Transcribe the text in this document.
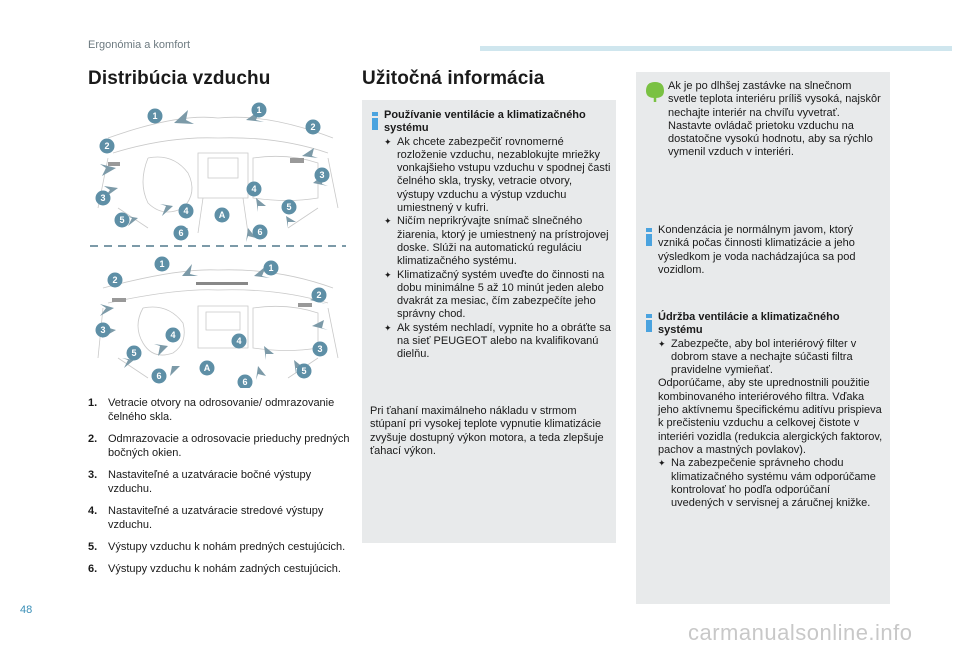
Ergonómia a komfort
Distribúcia vzduchu
1
1
2
2
3
3
4
4
5
5
6	6
A
1	1
2
2
3
3
4
4
5
5
6
6
A
1. Vetracie otvory na odrosovanie/ odmrazovanie čelného skla.
2. Odmrazovacie a odrosovacie prieduchy predných bočných okien.
3. Nastaviteľné a uzatváracie bočné výstupy vzduchu.
4. Nastaviteľné a uzatváracie stredové výstupy vzduchu.
5. Výstupy vzduchu k nohám predných cestujúcich.
6. Výstupy vzduchu k nohám zadných cestujúcich.
Užitočná informácia
Používanie ventilácie a klimatizačného systému
✦ Ak chcete zabezpečiť rovnomerné rozloženie vzduchu, nezablokujte mriežky vonkajšieho vstupu vzduchu v spodnej časti čelného skla, trysky, vetracie otvory, výstupy vzduchu a výstup vzduchu umiestnený v kufri.
✦ Ničím neprikrývajte snímač slnečného žiarenia, ktorý je umiestnený na prístrojovej doske. Slúži na automatickú reguláciu klimatizačného systému.
✦ Klimatizačný systém uveďte do činnosti na dobu minimálne 5 až 10 minút jeden alebo dvakrát za mesiac, čím zabezpečíte jeho správny chod.
✦ Ak systém nechladí, vypnite ho a obráťte sa na sieť PEUGEOT alebo na kvalifikovanú dielňu.
Pri ťahaní maximálneho nákladu v strmom stúpaní pri vysokej teplote vypnutie klimatizácie zvyšuje dostupný výkon motora, a teda zlepšuje ťahací výkon.
Ak je po dlhšej zastávke na slnečnom svetle teplota interiéru príliš vysoká, najskôr nechajte interiér na chvíľu vyvetrať.
Nastavte ovládač prietoku vzduchu na dostatočne vysokú hodnotu, aby sa rýchlo vymenil vzduch v interiéri.
Kondenzácia je normálnym javom, ktorý vzniká počas činnosti klimatizácie a jeho výsledkom je voda nachádzajúca sa pod vozidlom.
Údržba ventilácie a klimatizačného systému
✦ Zabezpečte, aby bol interiérový filter v dobrom stave a nechajte súčasti filtra pravidelne vymieňať.
Odporúčame, aby ste uprednostnili použitie kombinovaného interiérového filtra. Vďaka jeho aktívnemu špecifickému aditívu prispieva k prečisteniu vzduchu a celkovej čistote v interiéri vozidla (redukcia alergických faktorov, pachov a mastných povlakov).
✦ Na zabezpečenie správneho chodu klimatizačného systému vám odporúčame kontrolovať ho podľa odporúčaní uvedených v servisnej a záručnej knižke.
48
carmanualsonline.info
